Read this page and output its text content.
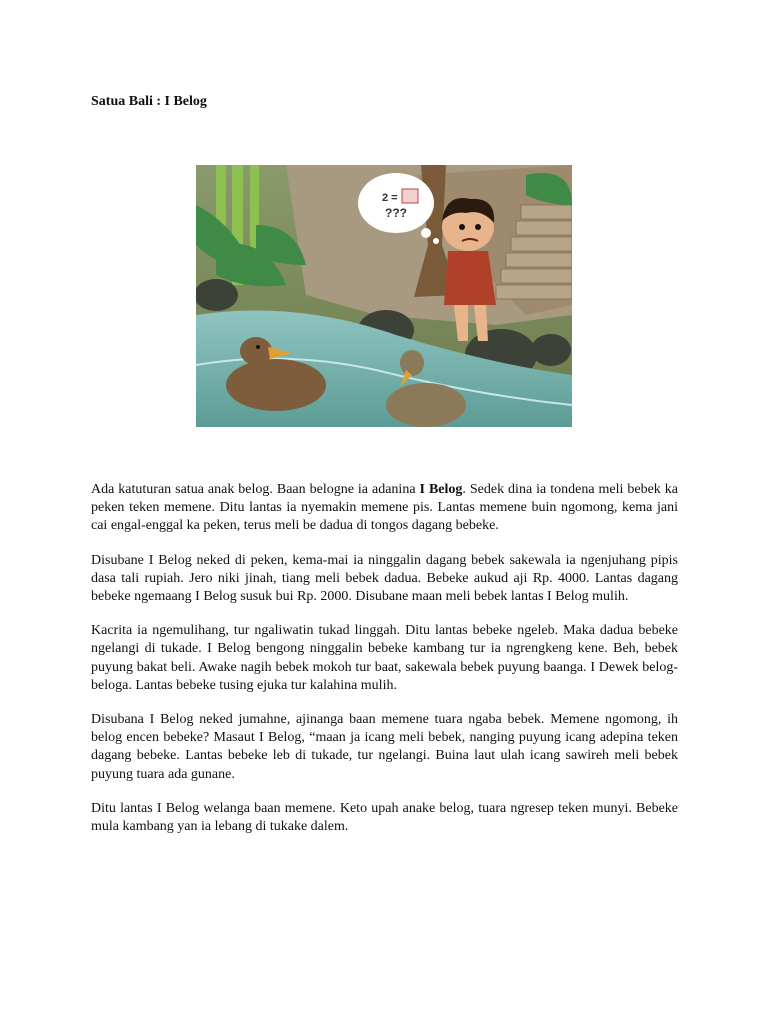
Satua Bali : I Belog
???
2 =

Ada katuturan satua anak belog. Baan belogne ia adanina I Belog. Sedek dina ia tondena meli bebek ka peken teken memene. Ditu lantas ia nyemakin memene pis. Lantas memene buin ngomong, kema jani cai engal-enggal ka peken, terus meli be dadua di tongos dagang bebeke.

Disubane I Belog neked di peken, kema-mai ia ninggalin dagang bebek sakewala ia ngenjuhang pipis dasa tali rupiah. Jero niki jinah, tiang meli bebek dadua. Bebeke aukud aji Rp. 4000. Lantas dagang bebeke ngemaang I Belog susuk bui Rp. 2000. Disubane maan meli bebek lantas I Belog mulih.

Kacrita ia ngemulihang, tur ngaliwatin tukad linggah. Ditu lantas bebeke ngeleb. Maka dadua bebeke ngelangi di tukade. I Belog bengong ninggalin bebeke kambang tur ia ngrengkeng kene. Beh, bebek puyung bakat beli. Awake nagih bebek mokoh tur baat, sakewala bebek puyung baanga. I Dewek belog-beloga. Lantas bebeke tusing ejuka tur kalahina mulih.

Disubana I Belog neked jumahne, ajinanga baan memene tuara ngaba bebek. Memene ngomong, ih belog encen bebeke? Masaut I Belog, “maan ja icang meli bebek, nanging puyung icang adepina teken dagang bebeke. Lantas bebeke leb di tukade, tur ngelangi. Buina laut ulah icang sawireh meli bebek puyung tuara ada gunane.

Ditu lantas I Belog welanga baan memene. Keto upah anake belog, tuara ngresep teken munyi. Bebeke mula kambang yan ia lebang di tukake dalem.
